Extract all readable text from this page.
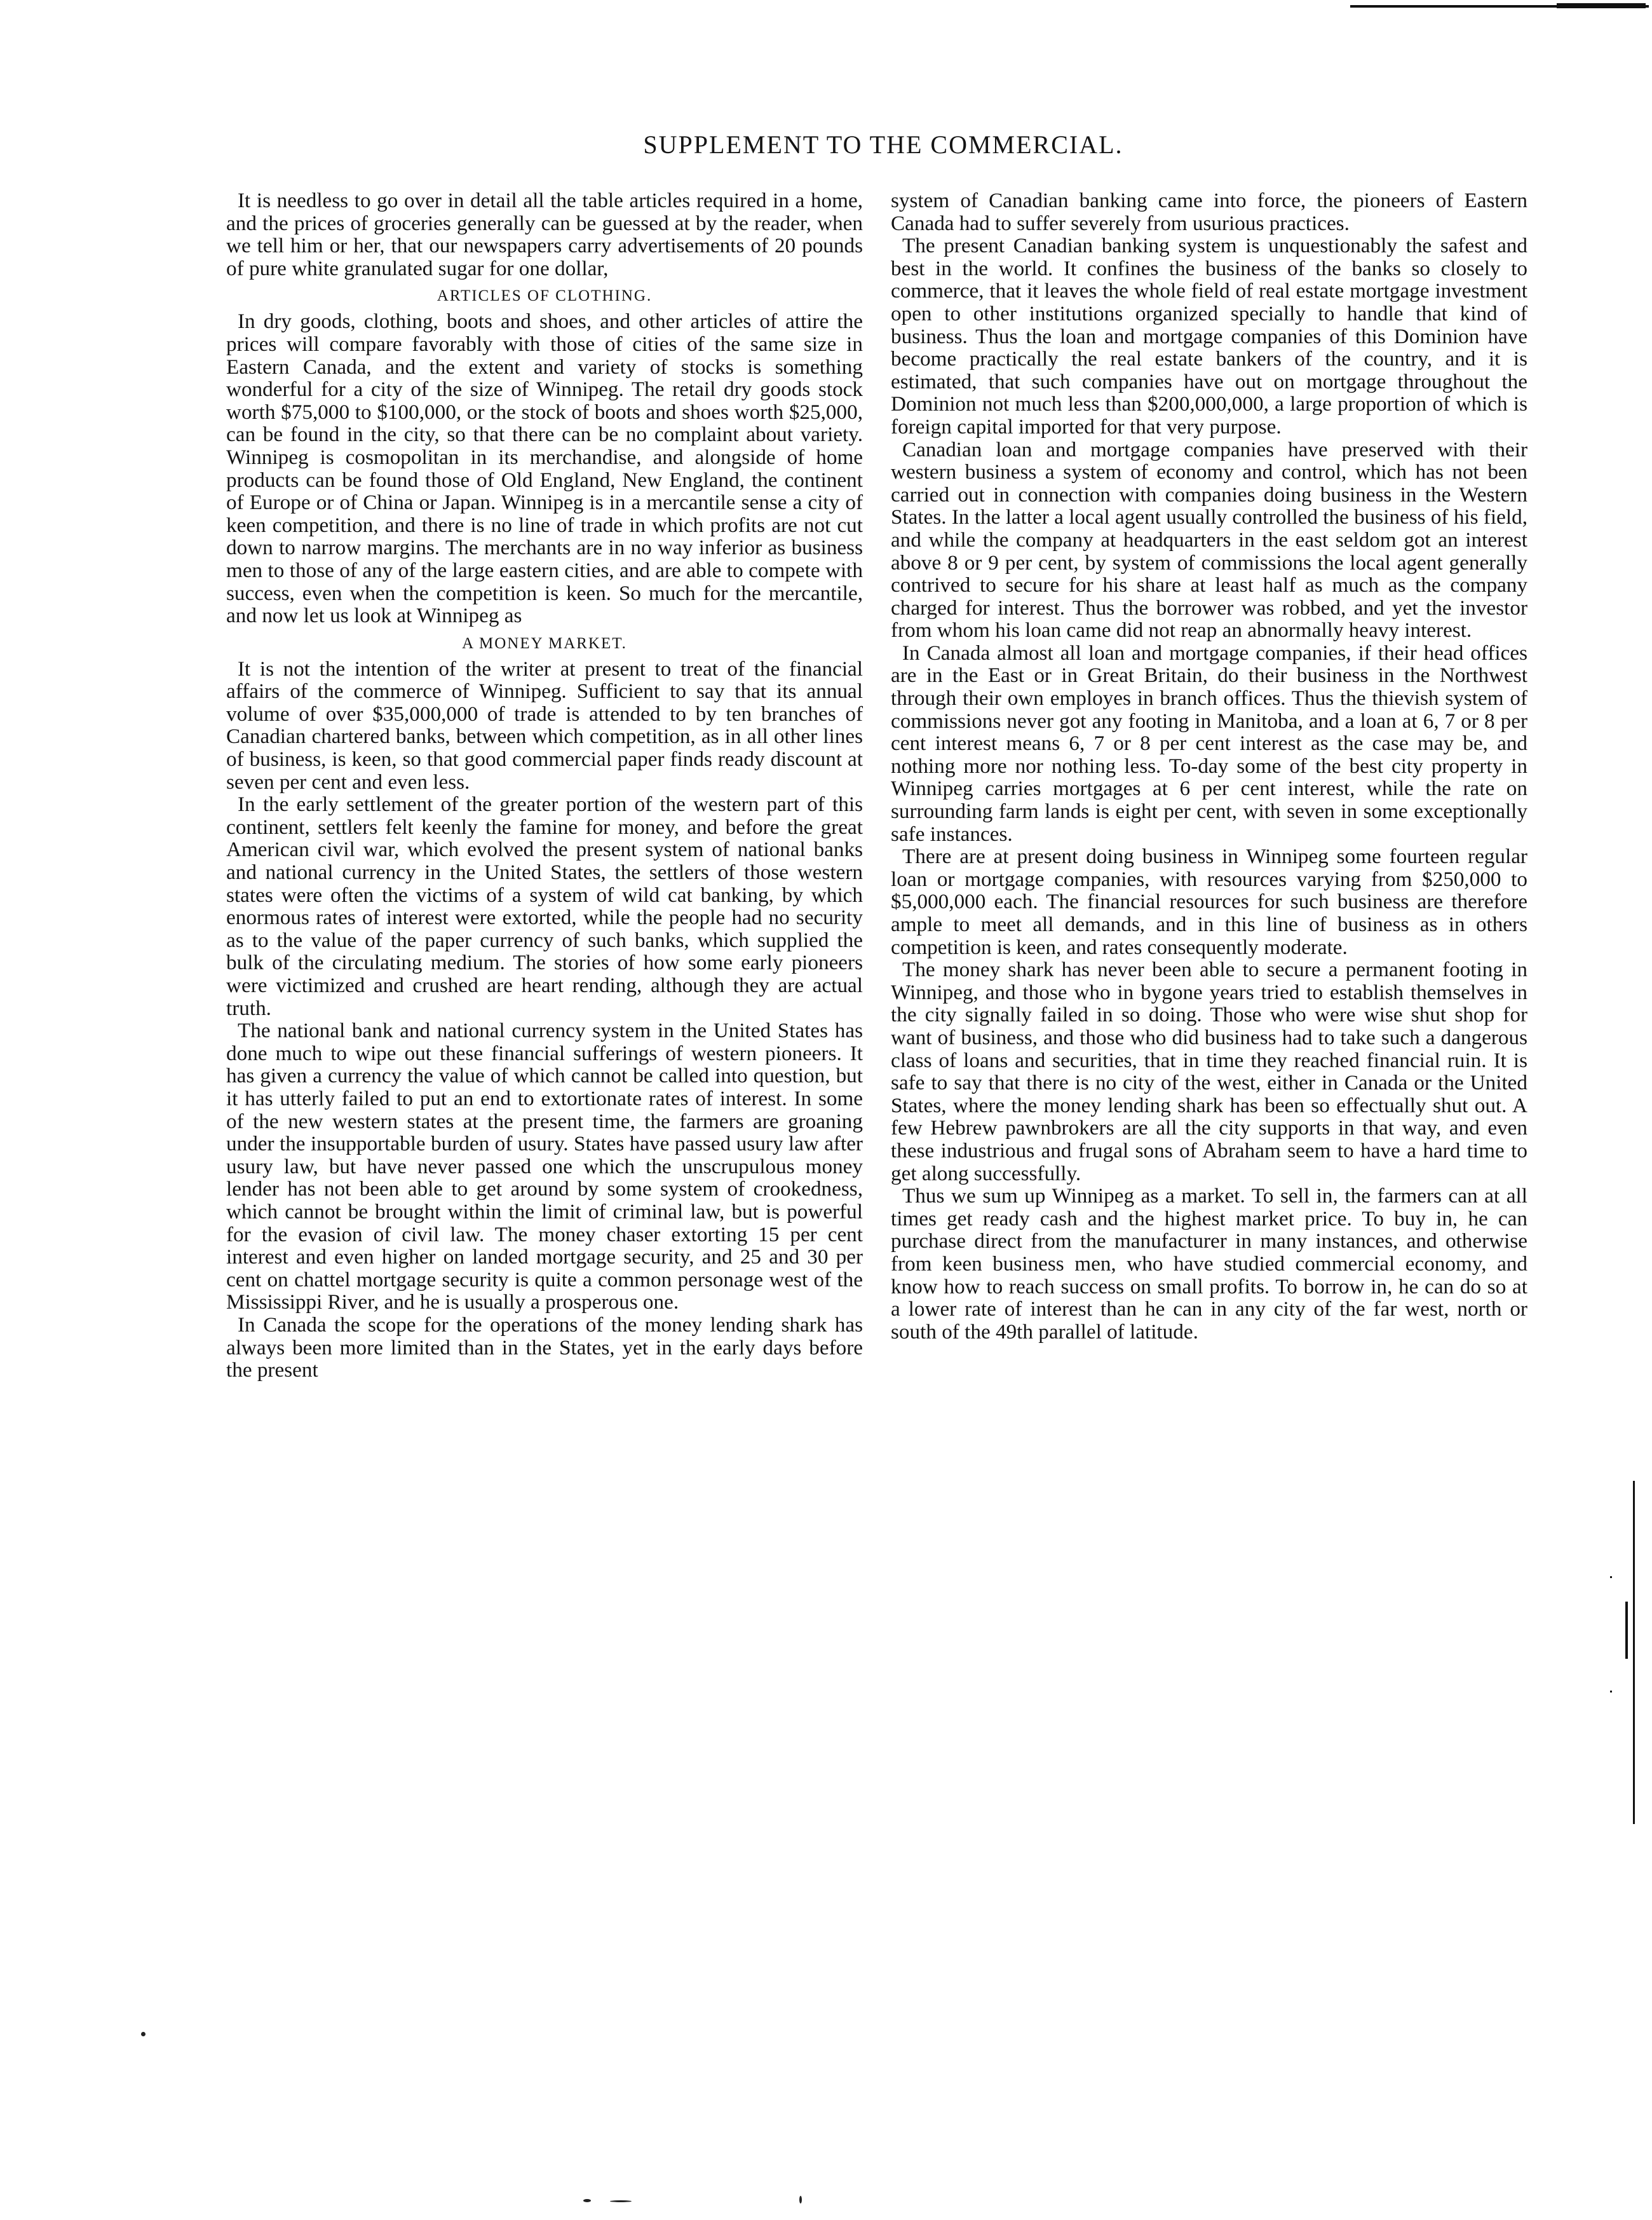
SUPPLEMENT TO THE COMMERCIAL.

It is needless to go over in detail all the table articles required in a home, and the prices of groceries generally can be guessed at by the reader, when we tell him or her, that our newspapers carry advertisements of 20 pounds of pure white granulated sugar for one dollar,

ARTICLES OF CLOTHING.

In dry goods, clothing, boots and shoes, and other articles of attire the prices will compare favorably with those of cities of the same size in Eastern Canada, and the extent and variety of stocks is something wonderful for a city of the size of Winnipeg. The retail dry goods stock worth $75,000 to $100,000, or the stock of boots and shoes worth $25,000, can be found in the city, so that there can be no complaint about variety. Winnipeg is cosmopolitan in its merchandise, and alongside of home products can be found those of Old England, New England, the continent of Europe or of China or Japan. Winnipeg is in a mercantile sense a city of keen competition, and there is no line of trade in which profits are not cut down to narrow margins. The merchants are in no way inferior as business men to those of any of the large eastern cities, and are able to compete with success, even when the competition is keen. So much for the mercantile, and now let us look at Winnipeg as

A MONEY MARKET.

It is not the intention of the writer at present to treat of the financial affairs of the commerce of Winnipeg. Sufficient to say that its annual volume of over $35,000,000 of trade is attended to by ten branches of Canadian chartered banks, between which competition, as in all other lines of business, is keen, so that good commercial paper finds ready discount at seven per cent and even less.

In the early settlement of the greater portion of the western part of this continent, settlers felt keenly the famine for money, and before the great American civil war, which evolved the present system of national banks and national currency in the United States, the settlers of those western states were often the victims of a system of wild cat banking, by which enormous rates of interest were extorted, while the people had no security as to the value of the paper currency of such banks, which supplied the bulk of the circulating medium. The stories of how some early pioneers were victimized and crushed are heart rending, although they are actual truth.

The national bank and national currency system in the United States has done much to wipe out these financial sufferings of western pioneers. It has given a currency the value of which cannot be called into question, but it has utterly failed to put an end to extortionate rates of interest. In some of the new western states at the present time, the farmers are groaning under the insupportable burden of usury. States have passed usury law after usury law, but have never passed one which the unscrupulous money lender has not been able to get around by some system of crookedness, which cannot be brought within the limit of criminal law, but is powerful for the evasion of civil law. The money chaser extorting 15 per cent interest and even higher on landed mortgage security, and 25 and 30 per cent on chattel mortgage security is quite a common personage west of the Mississippi River, and he is usually a prosperous one.

In Canada the scope for the operations of the money lending shark has always been more limited than in the States, yet in the early days before the present

system of Canadian banking came into force, the pioneers of Eastern Canada had to suffer severely from usurious practices.

The present Canadian banking system is unquestionably the safest and best in the world. It confines the business of the banks so closely to commerce, that it leaves the whole field of real estate mortgage investment open to other institutions organized specially to handle that kind of business. Thus the loan and mortgage companies of this Dominion have become practically the real estate bankers of the country, and it is estimated, that such companies have out on mortgage throughout the Dominion not much less than $200,000,000, a large proportion of which is foreign capital imported for that very purpose.

Canadian loan and mortgage companies have preserved with their western business a system of economy and control, which has not been carried out in connection with companies doing business in the Western States. In the latter a local agent usually controlled the business of his field, and while the company at headquarters in the east seldom got an interest above 8 or 9 per cent, by system of commissions the local agent generally contrived to secure for his share at least half as much as the company charged for interest. Thus the borrower was robbed, and yet the investor from whom his loan came did not reap an abnormally heavy interest.

In Canada almost all loan and mortgage companies, if their head offices are in the East or in Great Britain, do their business in the Northwest through their own employes in branch offices. Thus the thievish system of commissions never got any footing in Manitoba, and a loan at 6, 7 or 8 per cent interest means 6, 7 or 8 per cent interest as the case may be, and nothing more nor nothing less. To-day some of the best city property in Winnipeg carries mortgages at 6 per cent interest, while the rate on surrounding farm lands is eight per cent, with seven in some exceptionally safe instances.

There are at present doing business in Winnipeg some fourteen regular loan or mortgage companies, with resources varying from $250,000 to $5,000,000 each. The financial resources for such business are therefore ample to meet all demands, and in this line of business as in others competition is keen, and rates consequently moderate.

The money shark has never been able to secure a permanent footing in Winnipeg, and those who in bygone years tried to establish themselves in the city signally failed in so doing. Those who were wise shut shop for want of business, and those who did business had to take such a dangerous class of loans and securities, that in time they reached financial ruin. It is safe to say that there is no city of the west, either in Canada or the United States, where the money lending shark has been so effectually shut out. A few Hebrew pawnbrokers are all the city supports in that way, and even these industrious and frugal sons of Abraham seem to have a hard time to get along successfully.

Thus we sum up Winnipeg as a market. To sell in, the farmers can at all times get ready cash and the highest market price. To buy in, he can purchase direct from the manufacturer in many instances, and otherwise from keen business men, who have studied commercial economy, and know how to reach success on small profits. To borrow in, he can do so at a lower rate of interest than he can in any city of the far west, north or south of the 49th parallel of latitude.
